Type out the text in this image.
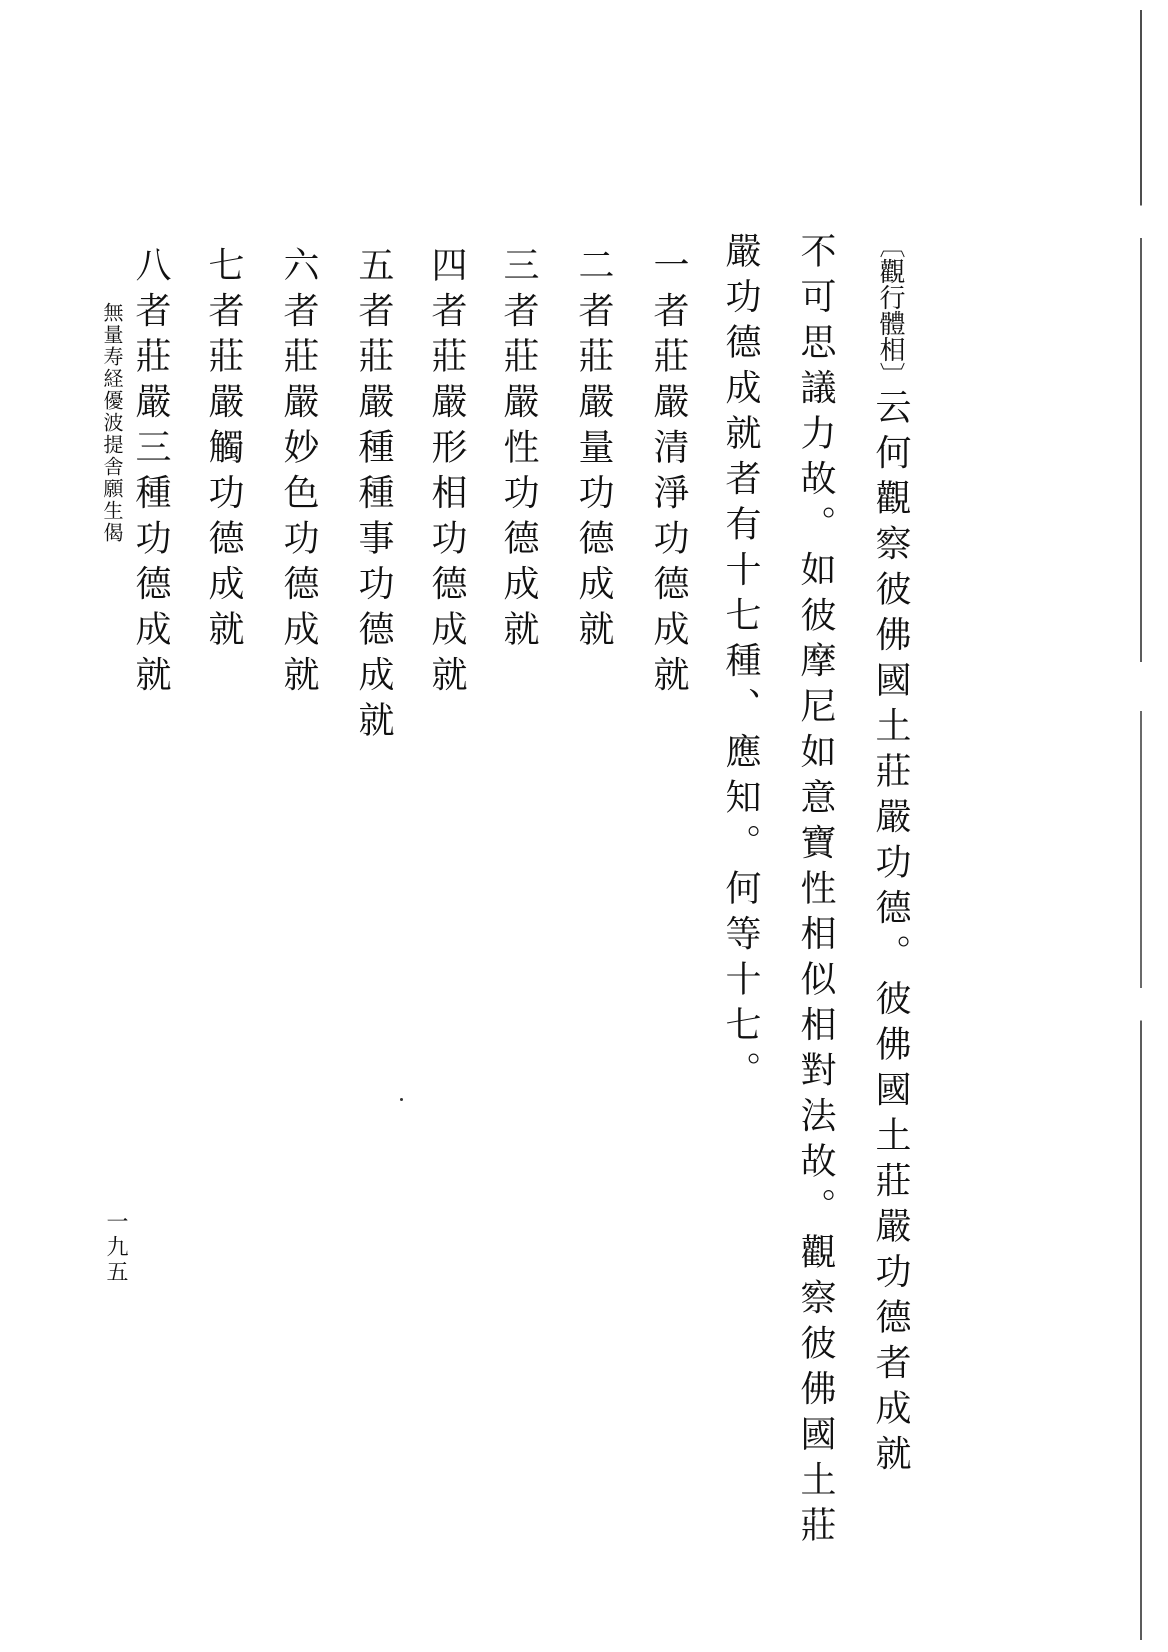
〔觀行體相〕云何觀察彼佛國土莊嚴功德。彼佛國土莊嚴功德者成就
不可思議力故。如彼摩尼如意寶性相似相對法故。觀察彼佛國土莊
嚴功德成就者有十七種、應知。何等十七。
一者莊嚴清淨功德成就
二者莊嚴量功德成就
三者莊嚴性功德成就
四者莊嚴形相功德成就
五者莊嚴種種事功德成就
六者莊嚴妙色功德成就
七者莊嚴觸功德成就
八者莊嚴三種功德成就
無量寿経優波提舎願生偈
一九五
